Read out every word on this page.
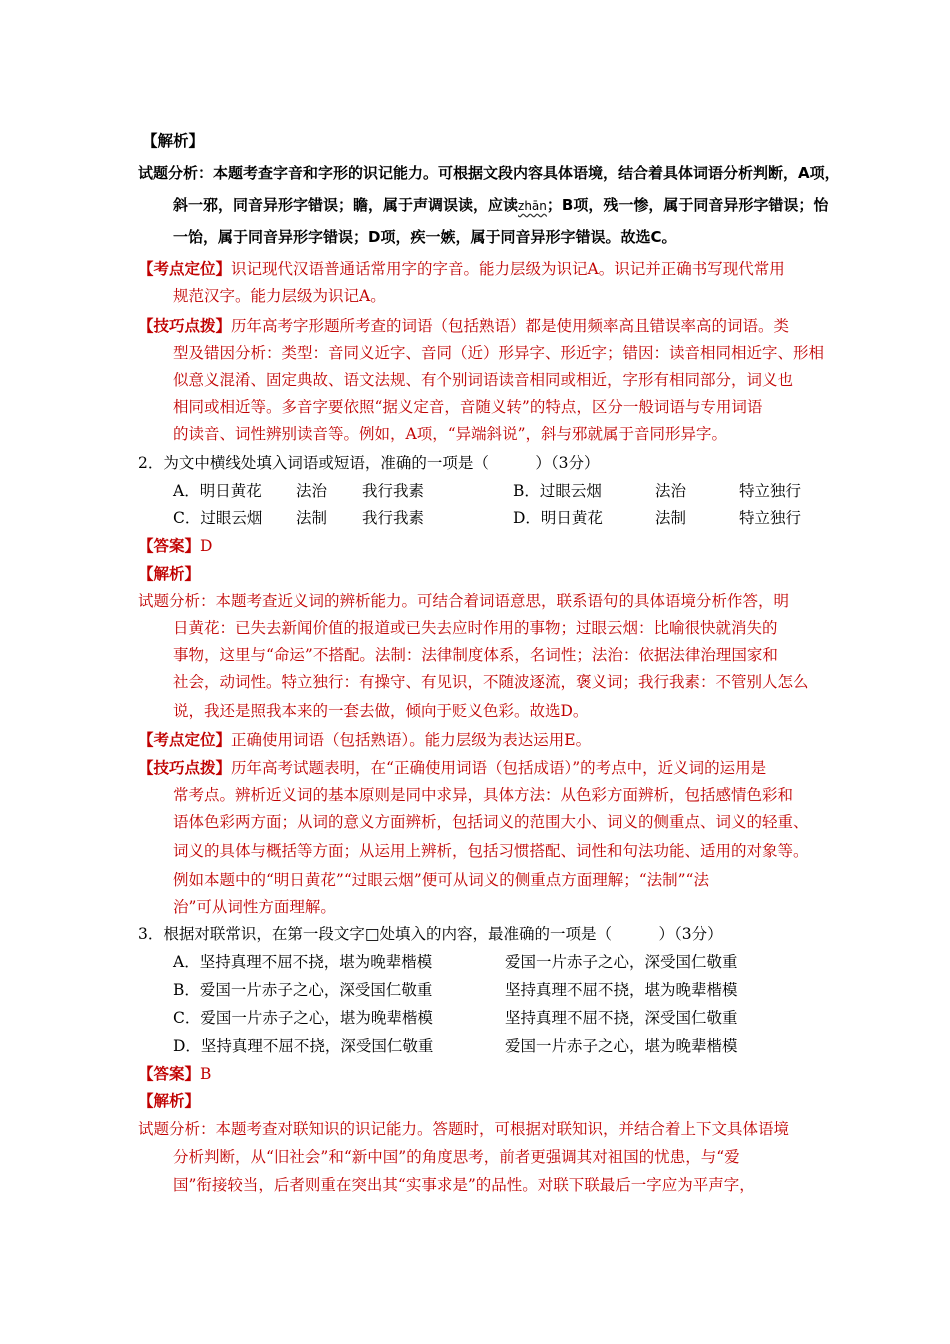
【解析】
试题分析：本题考查字音和字形的识记能力。可根据文段内容具体语境，结合着具体词语分析判断，A项，
斜一邪，同音异形字错误；瞻，属于声调误读，应读zhān；B项，残一惨，属于同音异形字错误；怡
一饴，属于同音异形字错误；D项，疾一嫉，属于同音异形字错误。故选C。
【考点定位】识记现代汉语普通话常用字的字音。能力层级为识记A。识记并正确书写现代常用
规范汉字。能力层级为识记A。
【技巧点拨】历年高考字形题所考查的词语（包括熟语）都是使用频率高且错误率高的词语。类
型及错因分析：类型：音同义近字、音同（近）形异字、形近字；错因：读音相同相近字、形相
似意义混淆、固定典故、语文法规、有个别词语读音相同或相近，字形有相同部分，词义也
相同或相近等。多音字要依照“据义定音，音随义转”的特点，区分一般词语与专用词语
的读音、词性辨别读音等。例如，A项，“异端斜说”，斜与邪就属于音同形异字。
2．为文中横线处填入词语或短语，准确的一项是（　　　）（3分）
A．明日黄花 法治 我行我素	B．过眼云烟	法治	特立独行
C．过眼云烟 法制 我行我素	D．明日黄花	法制	特立独行
【答案】D
【解析】
试题分析：本题考查近义词的辨析能力。可结合着词语意思，联系语句的具体语境分析作答，明
日黄花：已失去新闻价值的报道或已失去应时作用的事物；过眼云烟：比喻很快就消失的
事物，这里与“命运”不搭配。法制：法律制度体系，名词性；法治：依据法律治理国家和
社会，动词性。特立独行：有操守、有见识，不随波逐流，褒义词；我行我素：不管别人怎么
说，我还是照我本来的一套去做，倾向于贬义色彩。故选D。
【考点定位】正确使用词语（包括熟语）。能力层级为表达运用E。
【技巧点拨】历年高考试题表明，在“正确使用词语（包括成语）”的考点中，近义词的运用是
常考点。辨析近义词的基本原则是同中求异，具体方法：从色彩方面辨析，包括感情色彩和
语体色彩两方面；从词的意义方面辨析，包括词义的范围大小、词义的侧重点、词义的轻重、
词义的具体与概括等方面；从运用上辨析，包括习惯搭配、词性和句法功能、适用的对象等。
例如本题中的“明日黄花”“过眼云烟”便可从词义的侧重点方面理解；“法制”“法
治”可从词性方面理解。
3．根据对联常识，在第一段文字□处填入的内容，最准确的一项是（　　　）（3分）
A．坚持真理不屈不挠，堪为晚辈楷模	爱国一片赤子之心，深受国仁敬重
B．爱国一片赤子之心，深受国仁敬重	坚持真理不屈不挠，堪为晚辈楷模
C．爱国一片赤子之心，堪为晚辈楷模	坚持真理不屈不挠，深受国仁敬重
D．坚持真理不屈不挠，深受国仁敬重	爱国一片赤子之心，堪为晚辈楷模
【答案】B
【解析】
试题分析：本题考查对联知识的识记能力。答题时，可根据对联知识，并结合着上下文具体语境
分析判断，从“旧社会”和“新中国”的角度思考，前者更强调其对祖国的忧患，与“爱
国”衔接较当，后者则重在突出其“实事求是”的品性。对联下联最后一字应为平声字，
